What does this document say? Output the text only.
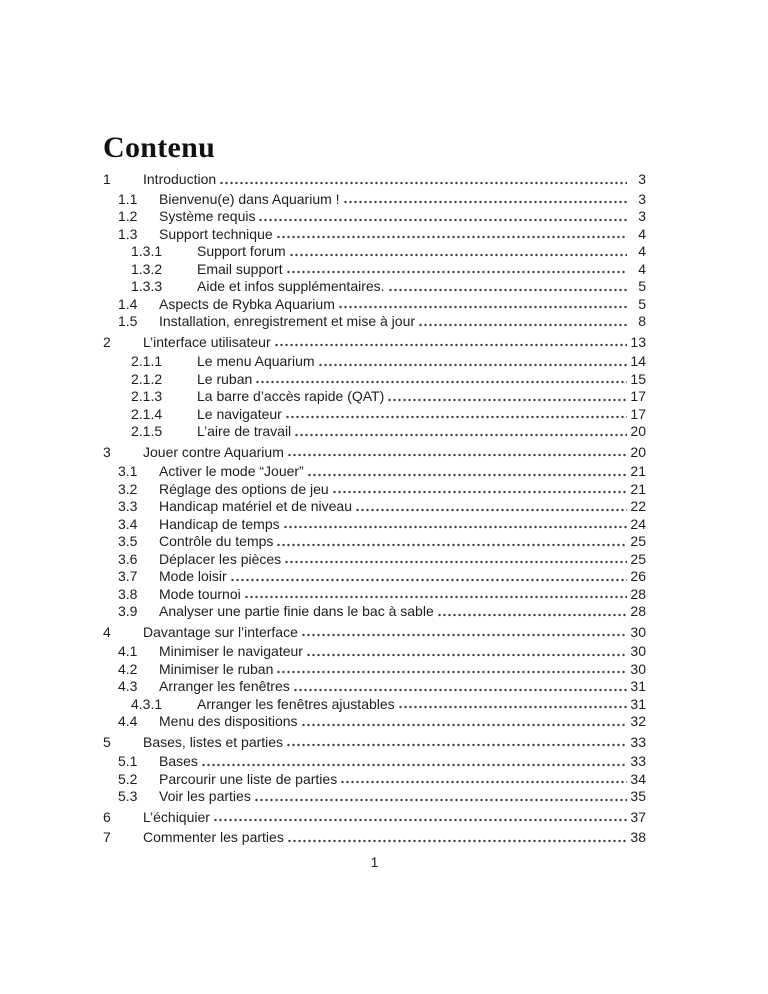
Contenu
1	Introduction	3
1.1	Bienvenu(e) dans Aquarium !	3
1.2	Système requis	3
1.3	Support technique	4
1.3.1	Support forum	4
1.3.2	Email support	4
1.3.3	Aide et infos supplémentaires.	5
1.4	Aspects de Rybka Aquarium	5
1.5	Installation, enregistrement et mise à jour	8
2	L’interface utilisateur	13
2.1.1	Le menu Aquarium	14
2.1.2	Le ruban	15
2.1.3	La barre d’accès rapide (QAT)	17
2.1.4	Le navigateur	17
2.1.5	L’aire de travail	20
3	Jouer contre Aquarium	20
3.1	Activer le mode “Jouer”	21
3.2	Réglage des options de jeu	21
3.3	Handicap matériel et de niveau	22
3.4	Handicap de temps	24
3.5	Contrôle du temps	25
3.6	Déplacer les pièces	25
3.7	Mode loisir	26
3.8	Mode tournoi	28
3.9	Analyser une partie finie dans le bac à sable	28
4	Davantage sur l’interface	30
4.1	Minimiser le navigateur	30
4.2	Minimiser le ruban	30
4.3	Arranger les fenêtres	31
4.3.1	Arranger les fenêtres ajustables	31
4.4	Menu des dispositions	32
5	Bases, listes et parties	33
5.1	Bases	33
5.2	Parcourir une liste de parties	34
5.3	Voir les parties	35
6	L’échiquier	37
7	Commenter les parties	38
1
